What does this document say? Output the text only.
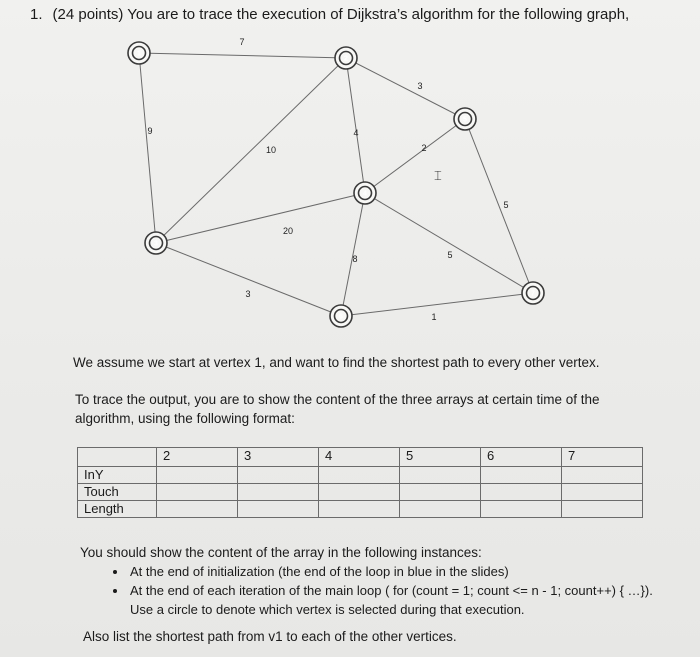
1. (24 points) You are to trace the execution of Dijkstra’s algorithm for the following graph,
7
9
10
3
4
20
3
2
8	5
5
1
1
2
3
4
5
6
7
⌶
We assume we start at vertex 1, and want to find the shortest path to every other vertex.
To trace the output, you are to show the content of the three arrays at certain time of the algorithm, using the following format:
	2	3	4	5	6	7
InY						
Touch						
Length						
You should show the content of the array in the following instances:
• At the end of initialization (the end of the loop in blue in the slides)
• At the end of each iteration of the main loop ( for (count = 1; count <= n - 1; count++) { …}). Use a circle to denote which vertex is selected during that execution.
Also list the shortest path from v1 to each of the other vertices.
